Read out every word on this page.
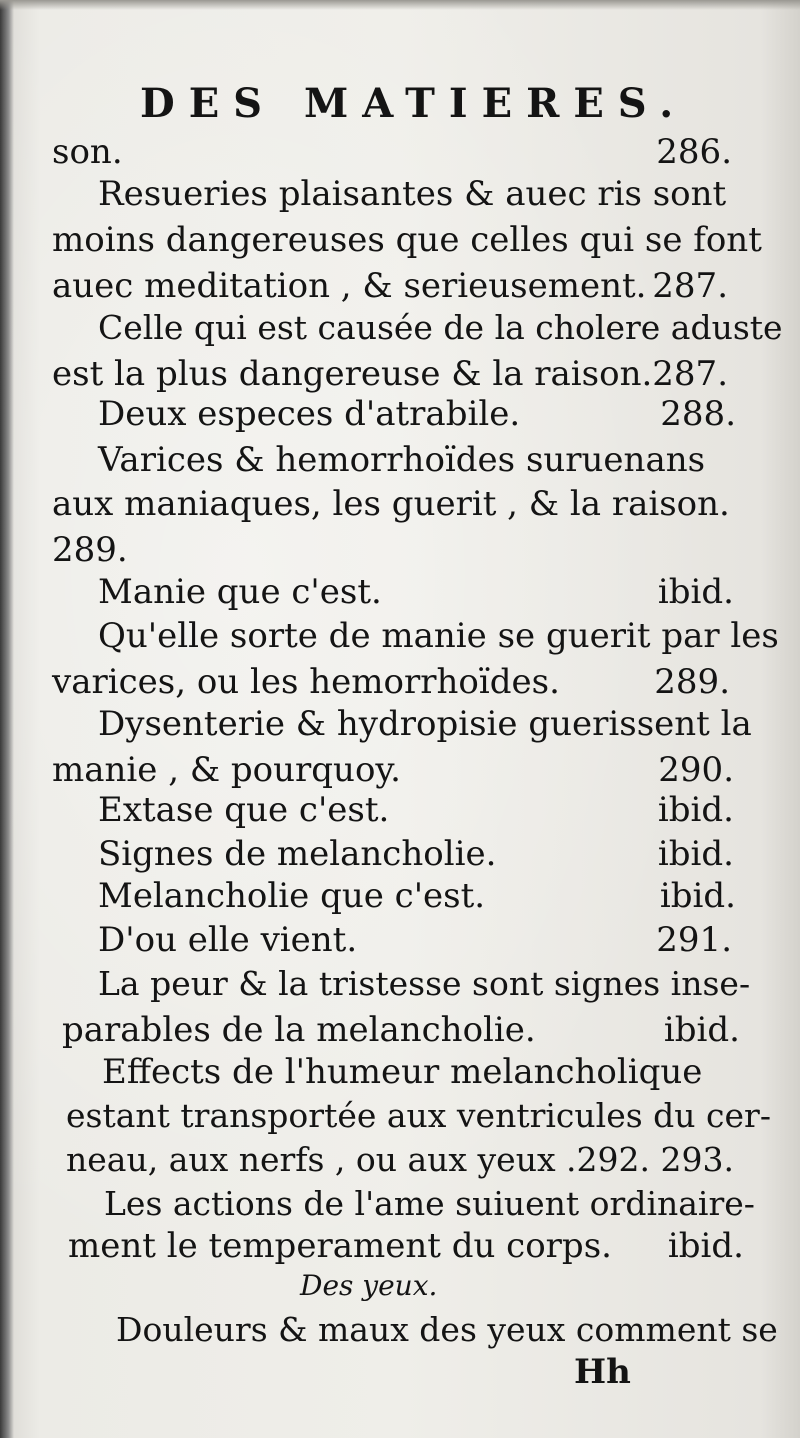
DES MATIERES.
son.	286.
Resueries plaisantes & auec ris sont
moins dangereuses que celles qui se font
auec meditation , & serieusement. 287.
Celle qui est causée de la cholere aduste
est la plus dangereuse & la raison. 287.
Deux especes d'atrabile.	288.
Varices & hemorrhoïdes suruenans
aux maniaques, les guerit , & la raison.
289.
Manie que c'est.	ibid.
Qu'elle sorte de manie se guerit par les
varices, ou les hemorrhoïdes.	289.
Dysenterie & hydropisie guerissent la
manie , & pourquoy.	290.
Extase que c'est.	ibid.
Signes de melancholie.	ibid.
Melancholie que c'est.	ibid.
D'ou elle vient.	291.
La peur & la tristesse sont signes inse-
parables de la melancholie.	ibid.
Effects de l'humeur melancholique
estant transportée aux ventricules du cer-
neau, aux nerfs , ou aux yeux .292. 293.
Les actions de l'ame suiuent ordinaire-
ment le temperament du corps. ibid.
Des yeux.
Douleurs & maux des yeux comment se
Hh
